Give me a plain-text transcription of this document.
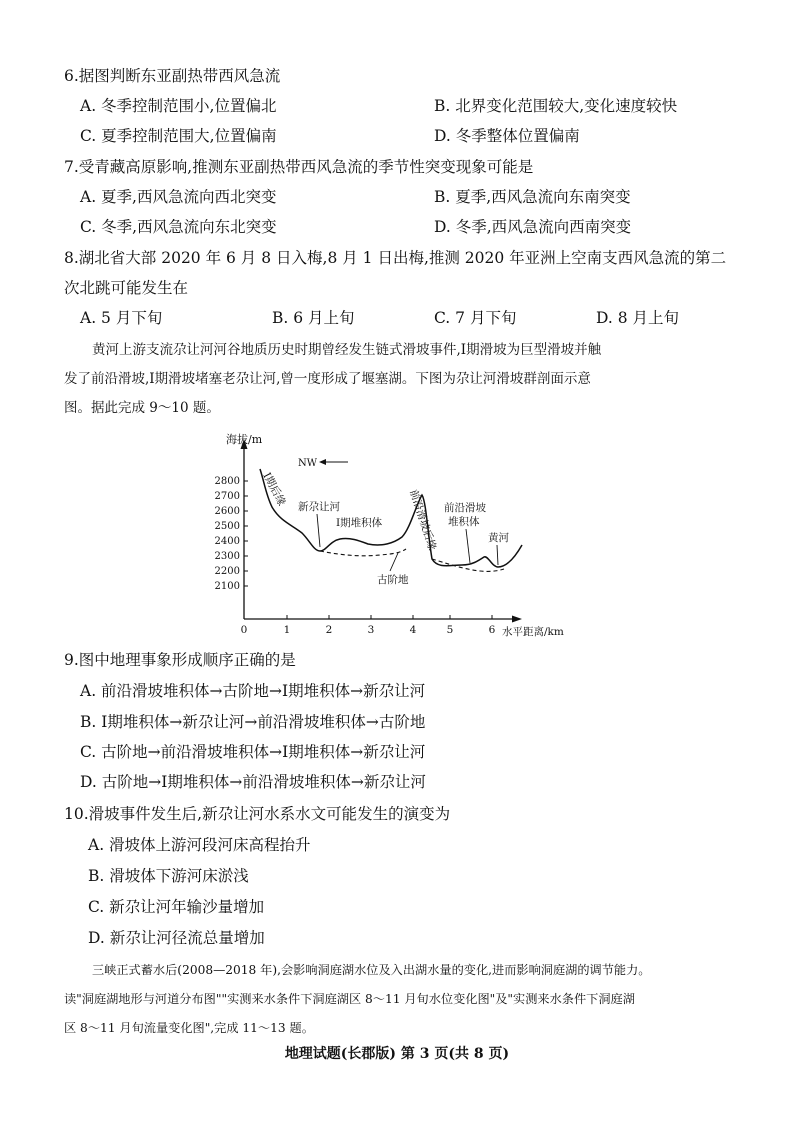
6.据图判断东亚副热带西风急流
A. 冬季控制范围小,位置偏北	B. 北界变化范围较大,变化速度较快
C. 夏季控制范围大,位置偏南	D. 冬季整体位置偏南
7.受青藏高原影响,推测东亚副热带西风急流的季节性突变现象可能是
A. 夏季,西风急流向西北突变	B. 夏季,西风急流向东南突变
C. 冬季,西风急流向东北突变	D. 冬季,西风急流向西南突变
8.湖北省大部 2020 年 6 月 8 日入梅,8 月 1 日出梅,推测 2020 年亚洲上空南支西风急流的第二
次北跳可能发生在
A. 5 月下旬	B. 6 月上旬	C. 7 月下旬	D. 8 月上旬
黄河上游支流尕让河河谷地质历史时期曾经发生链式滑坡事件,Ⅰ期滑坡为巨型滑坡并触
发了前沿滑坡,Ⅰ期滑坡堵塞老尕让河,曾一度形成了堰塞湖。下图为尕让河滑坡群剖面示意
图。据此完成 9～10 题。
海拔/m
水平距离/km
2800
2700
2600
2500
2400
2300
2200
2100
0	1	2	3	4	5	6
NW
Ⅰ期后缘 新尕让河
Ⅰ期堆积体 前沿滑坡后缘 前沿滑坡
堆积体
黄河
古阶地
9.图中地理事象形成顺序正确的是
A. 前沿滑坡堆积体→古阶地→Ⅰ期堆积体→新尕让河
B. Ⅰ期堆积体→新尕让河→前沿滑坡堆积体→古阶地
C. 古阶地→前沿滑坡堆积体→Ⅰ期堆积体→新尕让河
D. 古阶地→Ⅰ期堆积体→前沿滑坡堆积体→新尕让河
10.滑坡事件发生后,新尕让河水系水文可能发生的演变为
A. 滑坡体上游河段河床高程抬升
B. 滑坡体下游河床淤浅
C. 新尕让河年输沙量增加
D. 新尕让河径流总量增加
三峡正式蓄水后(2008—2018 年),会影响洞庭湖水位及入出湖水量的变化,进而影响洞庭湖的调节能力。
读"洞庭湖地形与河道分布图""实测来水条件下洞庭湖区 8～11 月旬水位变化图"及"实测来水条件下洞庭湖
区 8～11 月旬流量变化图",完成 11～13 题。
地理试题(长郡版) 第 3 页(共 8 页)
